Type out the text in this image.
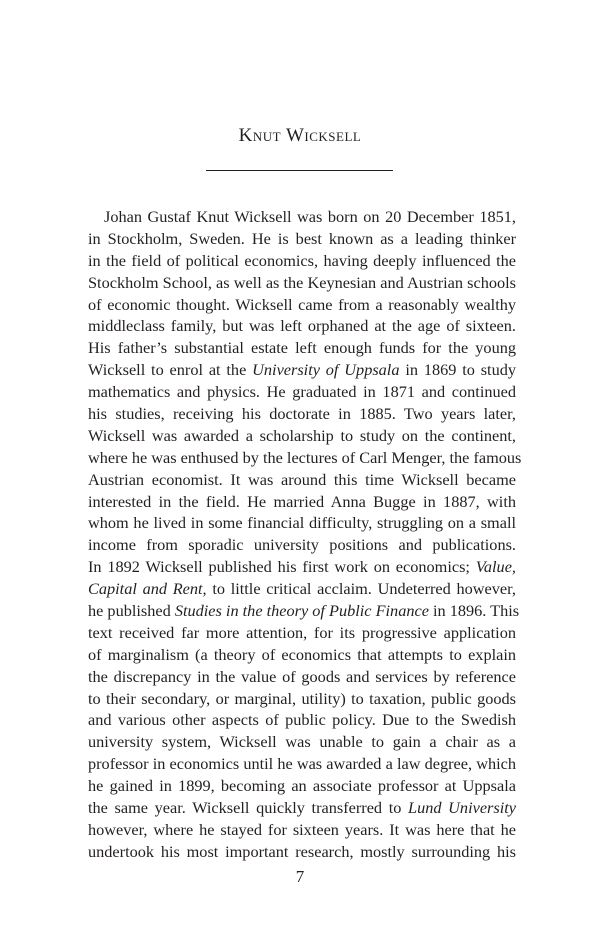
Knut Wicksell
Johan Gustaf Knut Wicksell was born on 20 December 1851,
in Stockholm, Sweden. He is best known as a leading thinker
in the field of political economics, having deeply influenced the
Stockholm School, as well as the Keynesian and Austrian schools
of economic thought. Wicksell came from a reasonably wealthy
middleclass family, but was left orphaned at the age of sixteen.
His father’s substantial estate left enough funds for the young
Wicksell to enrol at the University of Uppsala in 1869 to study
mathematics and physics. He graduated in 1871 and continued
his studies, receiving his doctorate in 1885. Two years later,
Wicksell was awarded a scholarship to study on the continent,
where he was enthused by the lectures of Carl Menger, the famous
Austrian economist. It was around this time Wicksell became
interested in the field. He married Anna Bugge in 1887, with
whom he lived in some financial difficulty, struggling on a small
income from sporadic university positions and publications.
In 1892 Wicksell published his first work on economics; Value,
Capital and Rent, to little critical acclaim. Undeterred however,
he published Studies in the theory of Public Finance in 1896. This
text received far more attention, for its progressive application
of marginalism (a theory of economics that attempts to explain
the discrepancy in the value of goods and services by reference
to their secondary, or marginal, utility) to taxation, public goods
and various other aspects of public policy. Due to the Swedish
university system, Wicksell was unable to gain a chair as a
professor in economics until he was awarded a law degree, which
he gained in 1899, becoming an associate professor at Uppsala
the same year. Wicksell quickly transferred to Lund University
however, where he stayed for sixteen years. It was here that he
undertook his most important research, mostly surrounding his
7
